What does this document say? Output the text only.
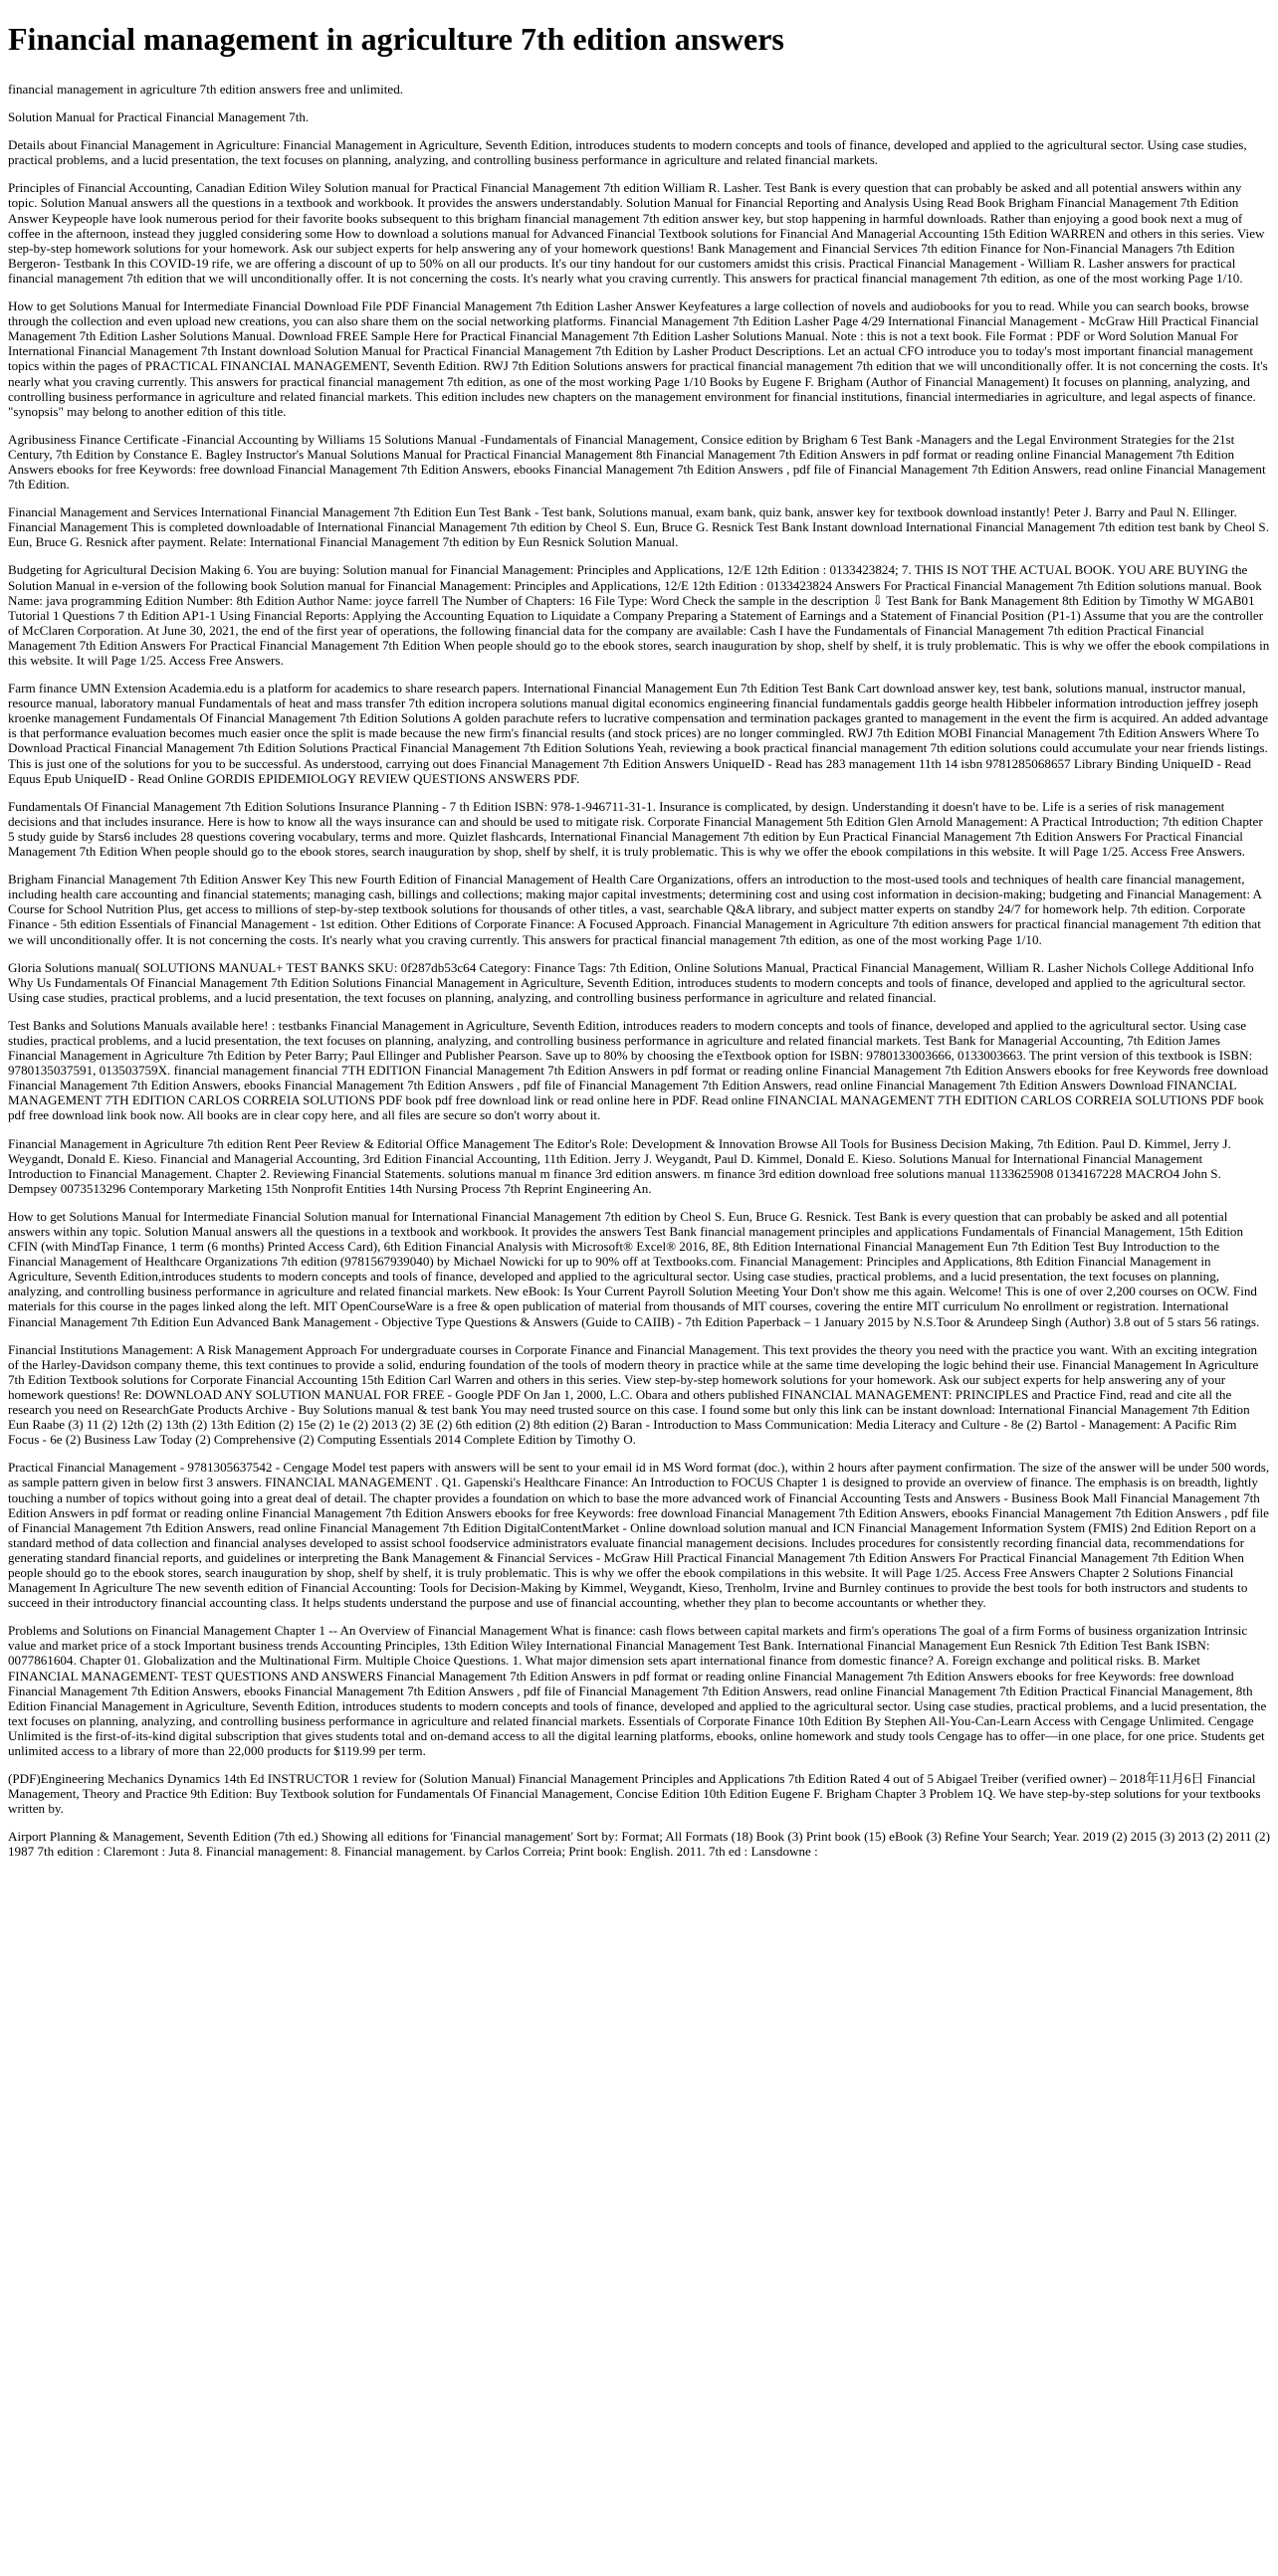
Financial management in agriculture 7th edition answers

financial management in agriculture 7th edition answers free and unlimited.

Solution Manual for Practical Financial Management 7th.

Details about Financial Management in Agriculture: Financial Management in Agriculture, Seventh Edition, introduces students to modern concepts and tools of finance, developed and applied to the agricultural sector. Using case studies, practical problems, and a lucid presentation, the text focuses on planning, analyzing, and controlling business performance in agriculture and related financial markets.

Principles of Financial Accounting, Canadian Edition Wiley Solution manual for Practical Financial Management 7th edition William R. Lasher. Test Bank is every question that can probably be asked and all potential answers within any topic. Solution Manual answers all the questions in a textbook and workbook. It provides the answers understandably. Solution Manual for Financial Reporting and Analysis Using Read Book Brigham Financial Management 7th Edition Answer Keypeople have look numerous period for their favorite books subsequent to this brigham financial management 7th edition answer key, but stop happening in harmful downloads. Rather than enjoying a good book next a mug of coffee in the afternoon, instead they juggled considering some How to download a solutions manual for Advanced Financial Textbook solutions for Financial And Managerial Accounting 15th Edition WARREN and others in this series. View step-by-step homework solutions for your homework. Ask our subject experts for help answering any of your homework questions! Bank Management and Financial Services 7th edition Finance for Non-Financial Managers 7th Edition Bergeron- Testbank In this COVID-19 rife, we are offering a discount of up to 50% on all our products. It's our tiny handout for our customers amidst this crisis. Practical Financial Management - William R. Lasher answers for practical financial management 7th edition that we will unconditionally offer. It is not concerning the costs. It's nearly what you craving currently. This answers for practical financial management 7th edition, as one of the most working Page 1/10.

How to get Solutions Manual for Intermediate Financial Download File PDF Financial Management 7th Edition Lasher Answer Keyfeatures a large collection of novels and audiobooks for you to read. While you can search books, browse through the collection and even upload new creations, you can also share them on the social networking platforms. Financial Management 7th Edition Lasher Page 4/29 International Financial Management - McGraw Hill Practical Financial Management 7th Edition Lasher Solutions Manual. Download FREE Sample Here for Practical Financial Management 7th Edition Lasher Solutions Manual. Note : this is not a text book. File Format : PDF or Word Solution Manual For International Financial Management 7th Instant download Solution Manual for Practical Financial Management 7th Edition by Lasher Product Descriptions. Let an actual CFO introduce you to today's most important financial management topics within the pages of PRACTICAL FINANCIAL MANAGEMENT, Seventh Edition. RWJ 7th Edition Solutions answers for practical financial management 7th edition that we will unconditionally offer. It is not concerning the costs. It's nearly what you craving currently. This answers for practical financial management 7th edition, as one of the most working Page 1/10 Books by Eugene F. Brigham (Author of Financial Management) It focuses on planning, analyzing, and controlling business performance in agriculture and related financial markets. This edition includes new chapters on the management environment for financial institutions, financial intermediaries in agriculture, and legal aspects of finance. "synopsis" may belong to another edition of this title.

Agribusiness Finance Certificate -Financial Accounting by Williams 15 Solutions Manual -Fundamentals of Financial Management, Consice edition by Brigham 6 Test Bank -Managers and the Legal Environment Strategies for the 21st Century, 7th Edition by Constance E. Bagley Instructor's Manual Solutions Manual for Practical Financial Management 8th Financial Management 7th Edition Answers in pdf format or reading online Financial Management 7th Edition Answers ebooks for free Keywords: free download Financial Management 7th Edition Answers, ebooks Financial Management 7th Edition Answers , pdf file of Financial Management 7th Edition Answers, read online Financial Management 7th Edition.

Financial Management and Services International Financial Management 7th Edition Eun Test Bank - Test bank, Solutions manual, exam bank, quiz bank, answer key for textbook download instantly! Peter J. Barry and Paul N. Ellinger. Financial Management This is completed downloadable of International Financial Management 7th edition by Cheol S. Eun, Bruce G. Resnick Test Bank Instant download International Financial Management 7th edition test bank by Cheol S. Eun, Bruce G. Resnick after payment. Relate: International Financial Management 7th edition by Eun Resnick Solution Manual.

Budgeting for Agricultural Decision Making 6. You are buying: Solution manual for Financial Management: Principles and Applications, 12/E 12th Edition : 0133423824; 7. THIS IS NOT THE ACTUAL BOOK. YOU ARE BUYING the Solution Manual in e-version of the following book Solution manual for Financial Management: Principles and Applications, 12/E 12th Edition : 0133423824 Answers For Practical Financial Management 7th Edition solutions manual. Book Name: java programming Edition Number: 8th Edition Author Name: joyce farrell The Number of Chapters: 16 File Type: Word Check the sample in the description ⇩ Test Bank for Bank Management 8th Edition by Timothy W MGAB01 Tutorial 1 Questions 7 th Edition AP1-1 Using Financial Reports: Applying the Accounting Equation to Liquidate a Company Preparing a Statement of Earnings and a Statement of Financial Position (P1-1) Assume that you are the controller of McClaren Corporation. At June 30, 2021, the end of the first year of operations, the following financial data for the company are available: Cash I have the Fundamentals of Financial Management 7th edition Practical Financial Management 7th Edition Answers For Practical Financial Management 7th Edition When people should go to the ebook stores, search inauguration by shop, shelf by shelf, it is truly problematic. This is why we offer the ebook compilations in this website. It will Page 1/25. Access Free Answers.

Farm finance UMN Extension Academia.edu is a platform for academics to share research papers. International Financial Management Eun 7th Edition Test Bank Cart download answer key, test bank, solutions manual, instructor manual, resource manual, laboratory manual Fundamentals of heat and mass transfer 7th edition incropera solutions manual digital economics engineering financial fundamentals gaddis george health Hibbeler information introduction jeffrey joseph kroenke management Fundamentals Of Financial Management 7th Edition Solutions A golden parachute refers to lucrative compensation and termination packages granted to management in the event the firm is acquired. An added advantage is that performance evaluation becomes much easier once the split is made because the new firm's financial results (and stock prices) are no longer commingled. RWJ 7th Edition MOBI Financial Management 7th Edition Answers Where To Download Practical Financial Management 7th Edition Solutions Practical Financial Management 7th Edition Solutions Yeah, reviewing a book practical financial management 7th edition solutions could accumulate your near friends listings. This is just one of the solutions for you to be successful. As understood, carrying out does Financial Management 7th Edition Answers UniqueID - Read has 283 management 11th 14 isbn 9781285068657 Library Binding UniqueID - Read Equus Epub UniqueID - Read Online GORDIS EPIDEMIOLOGY REVIEW QUESTIONS ANSWERS PDF.

Fundamentals Of Financial Management 7th Edition Solutions Insurance Planning - 7 th Edition ISBN: 978-1-946711-31-1. Insurance is complicated, by design. Understanding it doesn't have to be. Life is a series of risk management decisions and that includes insurance. Here is how to know all the ways insurance can and should be used to mitigate risk. Corporate Financial Management 5th Edition Glen Arnold Management: A Practical Introduction; 7th edition Chapter 5 study guide by Stars6 includes 28 questions covering vocabulary, terms and more. Quizlet flashcards, International Financial Management 7th edition by Eun Practical Financial Management 7th Edition Answers For Practical Financial Management 7th Edition When people should go to the ebook stores, search inauguration by shop, shelf by shelf, it is truly problematic. This is why we offer the ebook compilations in this website. It will Page 1/25. Access Free Answers.

Brigham Financial Management 7th Edition Answer Key This new Fourth Edition of Financial Management of Health Care Organizations, offers an introduction to the most-used tools and techniques of health care financial management, including health care accounting and financial statements; managing cash, billings and collections; making major capital investments; determining cost and using cost information in decision-making; budgeting and Financial Management: A Course for School Nutrition Plus, get access to millions of step-by-step textbook solutions for thousands of other titles, a vast, searchable Q&A library, and subject matter experts on standby 24/7 for homework help. 7th edition. Corporate Finance - 5th edition Essentials of Financial Management - 1st edition. Other Editions of Corporate Finance: A Focused Approach. Financial Management in Agriculture 7th edition answers for practical financial management 7th edition that we will unconditionally offer. It is not concerning the costs. It's nearly what you craving currently. This answers for practical financial management 7th edition, as one of the most working Page 1/10.

Gloria Solutions manual( SOLUTIONS MANUAL+ TEST BANKS SKU: 0f287db53c64 Category: Finance Tags: 7th Edition, Online Solutions Manual, Practical Financial Management, William R. Lasher Nichols College Additional Info Why Us Fundamentals Of Financial Management 7th Edition Solutions Financial Management in Agriculture, Seventh Edition, introduces students to modern concepts and tools of finance, developed and applied to the agricultural sector. Using case studies, practical problems, and a lucid presentation, the text focuses on planning, analyzing, and controlling business performance in agriculture and related financial.

Test Banks and Solutions Manuals available here! : testbanks Financial Management in Agriculture, Seventh Edition, introduces readers to modern concepts and tools of finance, developed and applied to the agricultural sector. Using case studies, practical problems, and a lucid presentation, the text focuses on planning, analyzing, and controlling business performance in agriculture and related financial markets. Test Bank for Managerial Accounting, 7th Edition James Financial Management in Agriculture 7th Edition by Peter Barry; Paul Ellinger and Publisher Pearson. Save up to 80% by choosing the eTextbook option for ISBN: 9780133003666, 0133003663. The print version of this textbook is ISBN: 9780135037591, 013503759X. financial management financial 7TH EDITION Financial Management 7th Edition Answers in pdf format or reading online Financial Management 7th Edition Answers ebooks for free Keywords free download Financial Management 7th Edition Answers, ebooks Financial Management 7th Edition Answers , pdf file of Financial Management 7th Edition Answers, read online Financial Management 7th Edition Answers Download FINANCIAL MANAGEMENT 7TH EDITION CARLOS CORREIA SOLUTIONS PDF book pdf free download link or read online here in PDF. Read online FINANCIAL MANAGEMENT 7TH EDITION CARLOS CORREIA SOLUTIONS PDF book pdf free download link book now. All books are in clear copy here, and all files are secure so don't worry about it.

Financial Management in Agriculture 7th edition Rent Peer Review & Editorial Office Management The Editor's Role: Development & Innovation Browse All Tools for Business Decision Making, 7th Edition. Paul D. Kimmel, Jerry J. Weygandt, Donald E. Kieso. Financial and Managerial Accounting, 3rd Edition Financial Accounting, 11th Edition. Jerry J. Weygandt, Paul D. Kimmel, Donald E. Kieso. Solutions Manual for International Financial Management Introduction to Financial Management. Chapter 2. Reviewing Financial Statements. solutions manual m finance 3rd edition answers. m finance 3rd edition download free solutions manual 1133625908 0134167228 MACRO4 John S. Dempsey 0073513296 Contemporary Marketing 15th Nonprofit Entities 14th Nursing Process 7th Reprint Engineering An.

How to get Solutions Manual for Intermediate Financial Solution manual for International Financial Management 7th edition by Cheol S. Eun, Bruce G. Resnick. Test Bank is every question that can probably be asked and all potential answers within any topic. Solution Manual answers all the questions in a textbook and workbook. It provides the answers Test Bank financial management principles and applications Fundamentals of Financial Management, 15th Edition CFIN (with MindTap Finance, 1 term (6 months) Printed Access Card), 6th Edition Financial Analysis with Microsoft® Excel® 2016, 8E, 8th Edition International Financial Management Eun 7th Edition Test Buy Introduction to the Financial Management of Healthcare Organizations 7th edition (9781567939040) by Michael Nowicki for up to 90% off at Textbooks.com. Financial Management: Principles and Applications, 8th Edition Financial Management in Agriculture, Seventh Edition,introduces students to modern concepts and tools of finance, developed and applied to the agricultural sector. Using case studies, practical problems, and a lucid presentation, the text focuses on planning, analyzing, and controlling business performance in agriculture and related financial markets. New eBook: Is Your Current Payroll Solution Meeting Your Don't show me this again. Welcome! This is one of over 2,200 courses on OCW. Find materials for this course in the pages linked along the left. MIT OpenCourseWare is a free & open publication of material from thousands of MIT courses, covering the entire MIT curriculum No enrollment or registration. International Financial Management 7th Edition Eun Advanced Bank Management - Objective Type Questions & Answers (Guide to CAIIB) - 7th Edition Paperback – 1 January 2015 by N.S.Toor & Arundeep Singh (Author) 3.8 out of 5 stars 56 ratings.

Financial Institutions Management: A Risk Management Approach For undergraduate courses in Corporate Finance and Financial Management. This text provides the theory you need with the practice you want. With an exciting integration of the Harley-Davidson company theme, this text continues to provide a solid, enduring foundation of the tools of modern theory in practice while at the same time developing the logic behind their use. Financial Management In Agriculture 7th Edition Textbook solutions for Corporate Financial Accounting 15th Edition Carl Warren and others in this series. View step-by-step homework solutions for your homework. Ask our subject experts for help answering any of your homework questions! Re: DOWNLOAD ANY SOLUTION MANUAL FOR FREE - Google PDF On Jan 1, 2000, L.C. Obara and others published FINANCIAL MANAGEMENT: PRINCIPLES and Practice Find, read and cite all the research you need on ResearchGate Products Archive - Buy Solutions manual & test bank You may need trusted source on this case. I found some but only this link can be instant download: International Financial Management 7th Edition Eun Raabe (3) 11 (2) 12th (2) 13th (2) 13th Edition (2) 15e (2) 1e (2) 2013 (2) 3E (2) 6th edition (2) 8th edition (2) Baran - Introduction to Mass Communication: Media Literacy and Culture - 8e (2) Bartol - Management: A Pacific Rim Focus - 6e (2) Business Law Today (2) Comprehensive (2) Computing Essentials 2014 Complete Edition by Timothy O.

Practical Financial Management - 9781305637542 - Cengage Model test papers with answers will be sent to your email id in MS Word format (doc.), within 2 hours after payment confirmation. The size of the answer will be under 500 words, as sample pattern given in below first 3 answers. FINANCIAL MANAGEMENT . Q1. Gapenski's Healthcare Finance: An Introduction to FOCUS Chapter 1 is designed to provide an overview of finance. The emphasis is on breadth, lightly touching a number of topics without going into a great deal of detail. The chapter provides a foundation on which to base the more advanced work of Financial Accounting Tests and Answers - Business Book Mall Financial Management 7th Edition Answers in pdf format or reading online Financial Management 7th Edition Answers ebooks for free Keywords: free download Financial Management 7th Edition Answers, ebooks Financial Management 7th Edition Answers , pdf file of Financial Management 7th Edition Answers, read online Financial Management 7th Edition DigitalContentMarket - Online download solution manual and ICN Financial Management Information System (FMIS) 2nd Edition Report on a standard method of data collection and financial analyses developed to assist school foodservice administrators evaluate financial management decisions. Includes procedures for consistently recording financial data, recommendations for generating standard financial reports, and guidelines or interpreting the Bank Management & Financial Services - McGraw Hill Practical Financial Management 7th Edition Answers For Practical Financial Management 7th Edition When people should go to the ebook stores, search inauguration by shop, shelf by shelf, it is truly problematic. This is why we offer the ebook compilations in this website. It will Page 1/25. Access Free Answers Chapter 2 Solutions Financial Management In Agriculture The new seventh edition of Financial Accounting: Tools for Decision-Making by Kimmel, Weygandt, Kieso, Trenholm, Irvine and Burnley continues to provide the best tools for both instructors and students to succeed in their introductory financial accounting class. It helps students understand the purpose and use of financial accounting, whether they plan to become accountants or whether they.

Problems and Solutions on Financial Management Chapter 1 -- An Overview of Financial Management What is finance: cash flows between capital markets and firm's operations The goal of a firm Forms of business organization Intrinsic value and market price of a stock Important business trends Accounting Principles, 13th Edition Wiley International Financial Management Test Bank. International Financial Management Eun Resnick 7th Edition Test Bank ISBN: 0077861604. Chapter 01. Globalization and the Multinational Firm. Multiple Choice Questions. 1. What major dimension sets apart international finance from domestic finance? A. Foreign exchange and political risks. B. Market FINANCIAL MANAGEMENT- TEST QUESTIONS AND ANSWERS Financial Management 7th Edition Answers in pdf format or reading online Financial Management 7th Edition Answers ebooks for free Keywords: free download Financial Management 7th Edition Answers, ebooks Financial Management 7th Edition Answers , pdf file of Financial Management 7th Edition Answers, read online Financial Management 7th Edition Practical Financial Management, 8th Edition Financial Management in Agriculture, Seventh Edition, introduces students to modern concepts and tools of finance, developed and applied to the agricultural sector. Using case studies, practical problems, and a lucid presentation, the text focuses on planning, analyzing, and controlling business performance in agriculture and related financial markets. Essentials of Corporate Finance 10th Edition By Stephen All-You-Can-Learn Access with Cengage Unlimited. Cengage Unlimited is the first-of-its-kind digital subscription that gives students total and on-demand access to all the digital learning platforms, ebooks, online homework and study tools Cengage has to offer—in one place, for one price. Students get unlimited access to a library of more than 22,000 products for $119.99 per term.

(PDF)Engineering Mechanics Dynamics 14th Ed INSTRUCTOR 1 review for (Solution Manual) Financial Management Principles and Applications 7th Edition Rated 4 out of 5 Abigael Treiber (verified owner) – 2018年11月6日 Financial Management, Theory and Practice 9th Edition: Buy Textbook solution for Fundamentals Of Financial Management, Concise Edition 10th Edition Eugene F. Brigham Chapter 3 Problem 1Q. We have step-by-step solutions for your textbooks written by.

Airport Planning & Management, Seventh Edition (7th ed.) Showing all editions for 'Financial management' Sort by: Format; All Formats (18) Book (3) Print book (15) eBook (3) Refine Your Search; Year. 2019 (2) 2015 (3) 2013 (2) 2011 (2) 1987 7th edition : Claremont : Juta 8. Financial management: 8. Financial management. by Carlos Correia; Print book: English. 2011. 7th ed : Lansdowne :
